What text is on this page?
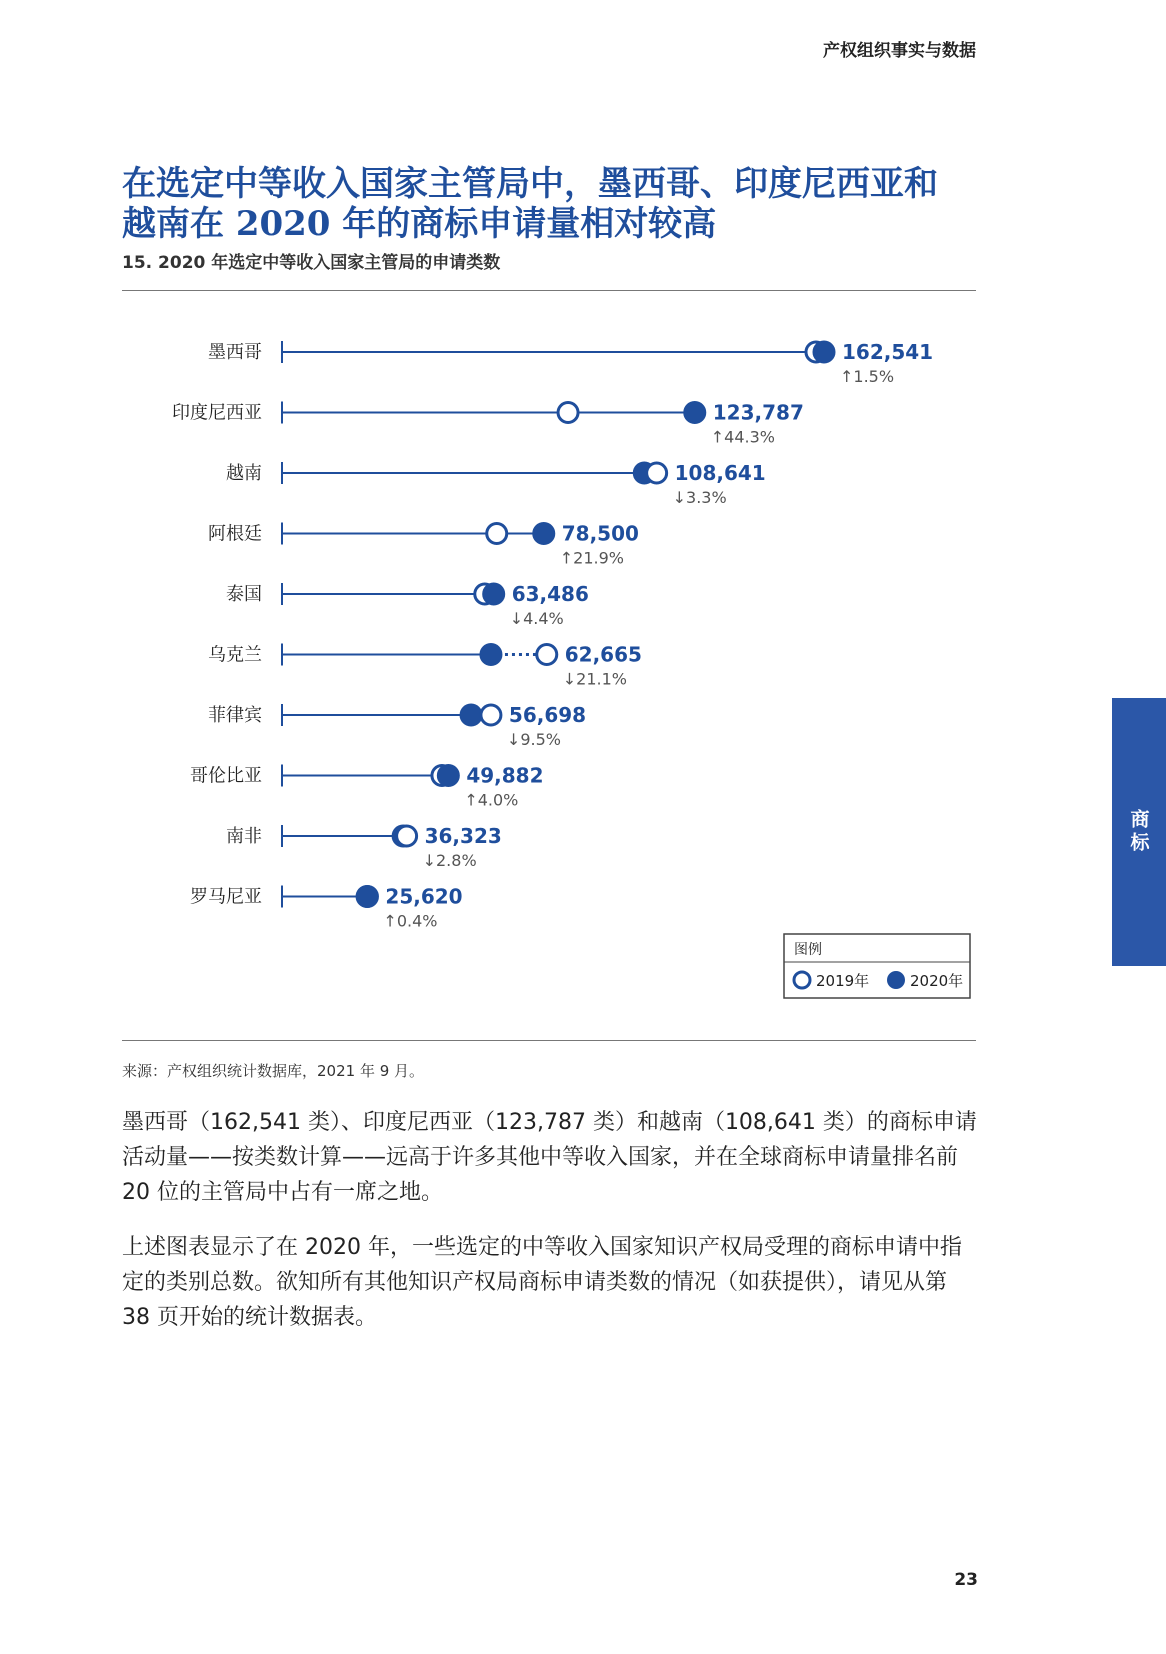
产权组织事实与数据
在选定中等收入国家主管局中，墨西哥、印度尼西亚和越南在 2020 年的商标申请量相对较高
15. 2020 年选定中等收入国家主管局的申请类数
墨西哥	162,541
↑1.5%
印度尼西亚	123,787
↑44.3%
越南	108,641
↓3.3%
阿根廷	78,500
↑21.9%
泰国	63,486
↓4.4%
乌克兰	62,665
↓21.1%
菲律宾	56,698
↓9.5%
哥伦比亚	49,882
↑4.0%
南非	36,323
↓2.8%
罗马尼亚	25,620
↑0.4%
图例
2019年	2020年
来源：产权组织统计数据库，2021 年 9 月。

墨西哥（162,541 类）、印度尼西亚（123,787 类）和越南（108,641 类）的商标申请活动量——按类数计算——远高于许多其他中等收入国家，并在全球商标申请量排名前 20 位的主管局中占有一席之地。

上述图表显示了在 2020 年，一些选定的中等收入国家知识产权局受理的商标申请中指定的类别总数。欲知所有其他知识产权局商标申请类数的情况（如获提供），请见从第 38 页开始的统计数据表。

商标
23
